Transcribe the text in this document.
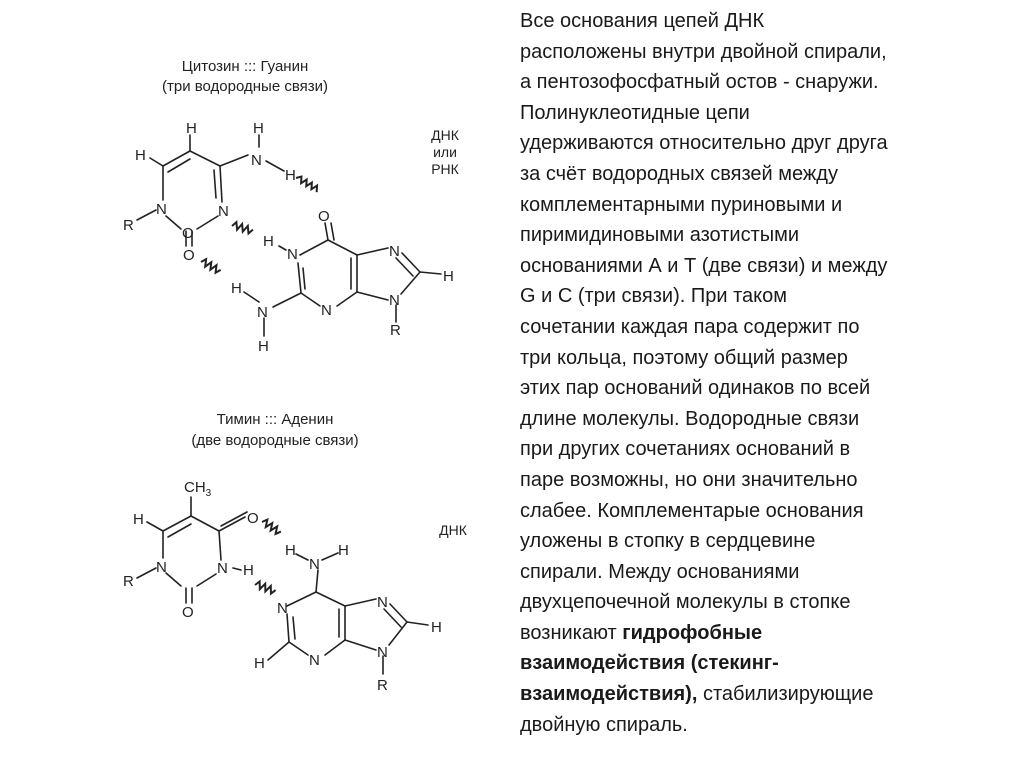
Цитозин ::: Гуанин
(три водородные связи)
ДНК
или
РНК
Тимин ::: Аденин
(две водородные связи)
ДНК
H
H
H
N
H
N	N
R	O
O
O
H
N	N
H
H
N
N	N
R
H
$CH_3$
H	O
N	N H
R
O
H	H
N
N
N
H
N
N
H
R

Все основания цепей ДНК
расположены внутри двойной спирали,
а пентозофосфатный остов - снаружи.
Полинуклеотидные цепи
удерживаются относительно друг друга
за счёт водородных связей между
комплементарными пуриновыми и
пиримидиновыми азотистыми
основаниями А и Т (две связи) и между
G и С (три связи). При таком
сочетании каждая пара содержит по
три кольца, поэтому общий размер
этих пар оснований одинаков по всей
длине молекулы. Водородные связи
при других сочетаниях оснований в
паре возможны, но они значительно
слабее. Комплементарые основания
уложены в стопку в сердцевине
спирали. Между основаниями
двухцепочечной молекулы в стопке
возникают гидрофобные
взаимодействия (стекинг-
взаимодействия), стабилизирующие
двойную спираль.
